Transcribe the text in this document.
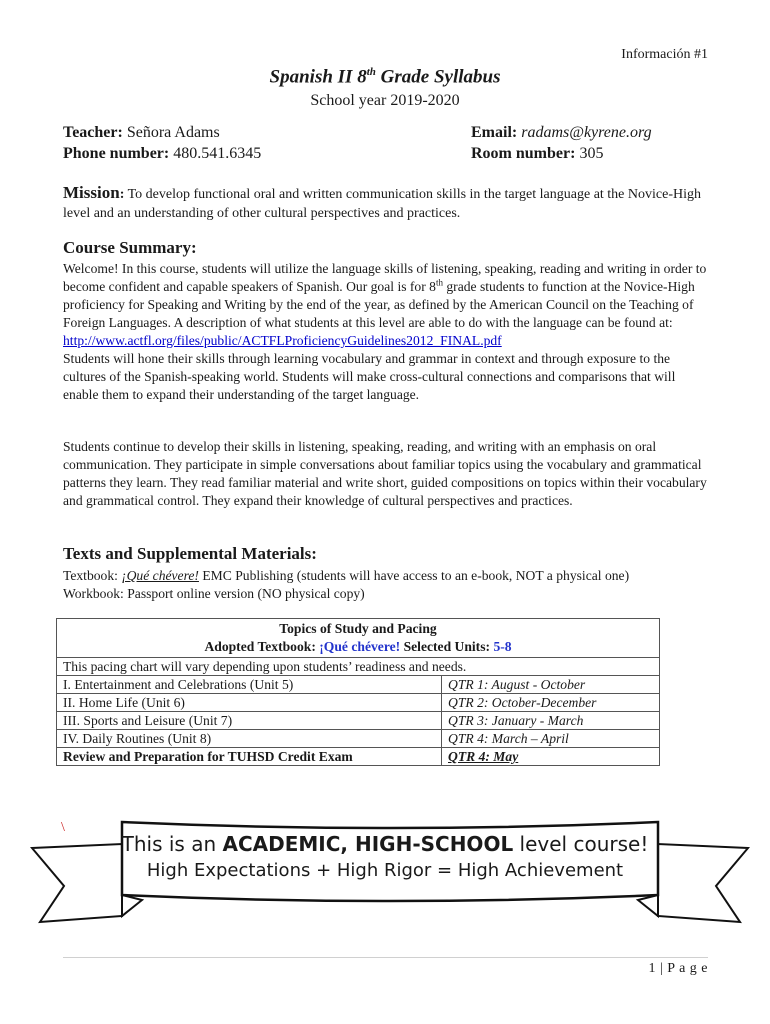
Información #1
Spanish II 8th Grade Syllabus
School year 2019-2020
Teacher: Señora Adams
Phone number: 480.541.6345
Email: radams@kyrene.org
Room number: 305
Mission: To develop functional oral and written communication skills in the target language at the Novice-High level and an understanding of other cultural perspectives and practices.
Course Summary:
Welcome! In this course, students will utilize the language skills of listening, speaking, reading and writing in order to become confident and capable speakers of Spanish. Our goal is for 8th grade students to function at the Novice-High proficiency for Speaking and Writing by the end of the year, as defined by the American Council on the Teaching of Foreign Languages. A description of what students at this level are able to do with the language can be found at:
http://www.actfl.org/files/public/ACTFLProficiencyGuidelines2012_FINAL.pdf
Students will hone their skills through learning vocabulary and grammar in context and through exposure to the cultures of the Spanish-speaking world. Students will make cross-cultural connections and comparisons that will enable them to expand their understanding of the target language.
Students continue to develop their skills in listening, speaking, reading, and writing with an emphasis on oral communication. They participate in simple conversations about familiar topics using the vocabulary and grammatical patterns they learn. They read familiar material and write short, guided compositions on topics within their vocabulary and grammatical control. They expand their knowledge of cultural perspectives and practices.
Texts and Supplemental Materials:
Textbook: ¡Qué chévere! EMC Publishing (students will have access to an e-book, NOT a physical one)
Workbook: Passport online version (NO physical copy)
Topics of Study and Pacing
Adopted Textbook: ¡Qué chévere! Selected Units: 5-8	
This pacing chart will vary depending upon students’ readiness and needs.	
I. Entertainment and Celebrations (Unit 5)	QTR 1: August - October
II. Home Life (Unit 6)	QTR 2: October-December
III. Sports and Leisure (Unit 7)	QTR 3: January - March
IV. Daily Routines (Unit 8)	QTR 4: March – April
Review and Preparation for TUHSD Credit Exam	QTR 4: May
\
This is an ACADEMIC, HIGH-SCHOOL level course!
High Expectations + High Rigor = High Achievement
1 | P a g e
